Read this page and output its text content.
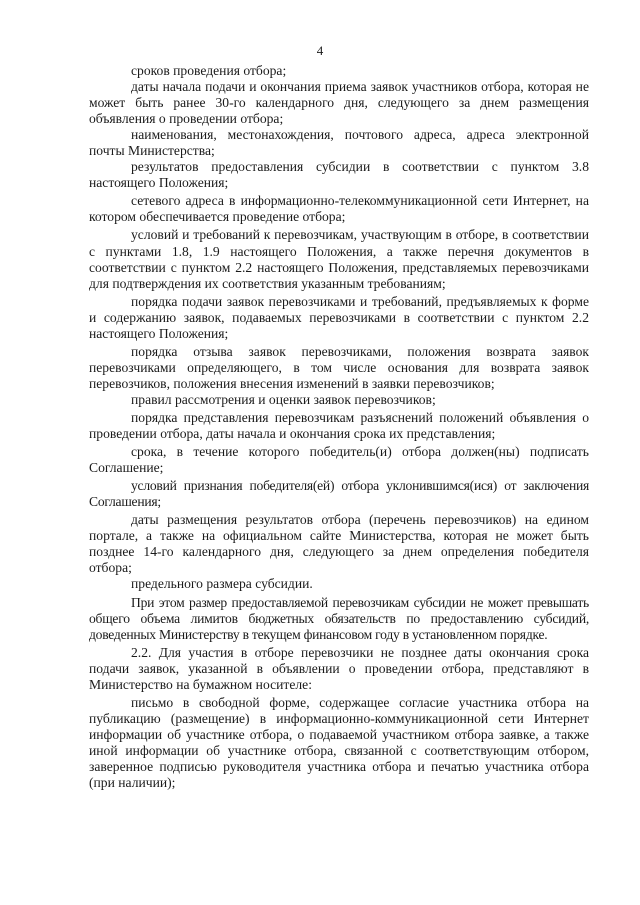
4

сроков проведения отбора;

даты начала подачи и окончания приема заявок участников отбора, которая не может быть ранее 30-го календарного дня, следующего за днем размещения объявления о проведении отбора;

наименования, местонахождения, почтового адреса, адреса электронной почты Министерства;

результатов предоставления субсидии в соответствии с пунктом 3.8 настоящего Положения;

сетевого адреса в информационно-телекоммуникационной сети Интернет, на котором обеспечивается проведение отбора;

условий и требований к перевозчикам, участвующим в отборе, в соответствии с пунктами 1.8, 1.9 настоящего Положения, а также перечня документов в соответствии с пунктом 2.2 настоящего Положения, представляемых перевозчиками для подтверждения их соответствия указанным требованиям;

порядка подачи заявок перевозчиками и требований, предъявляемых к форме и содержанию заявок, подаваемых перевозчиками в соответствии с пунктом 2.2 настоящего Положения;

порядка отзыва заявок перевозчиками, положения возврата заявок перевозчиками определяющего, в том числе основания для возврата заявок перевозчиков, положения внесения изменений в заявки перевозчиков;

правил рассмотрения и оценки заявок перевозчиков;

порядка представления перевозчикам разъяснений положений объявления о проведении отбора, даты начала и окончания срока их представления;

срока, в течение которого победитель(и) отбора должен(ны) подписать Соглашение;

условий признания победителя(ей) отбора уклонившимся(ися) от заключения Соглашения;

даты размещения результатов отбора (перечень перевозчиков) на едином портале, а также на официальном сайте Министерства, которая не может быть позднее 14-го календарного дня, следующего за днем определения победителя отбора;

предельного размера субсидии.

При этом размер предоставляемой перевозчикам субсидии не может превышать общего объема лимитов бюджетных обязательств по предоставлению субсидий, доведенных Министерству в текущем финансовом году в установленном порядке.

2.2. Для участия в отборе перевозчики не позднее даты окончания срока подачи заявок, указанной в объявлении о проведении отбора, представляют в Министерство на бумажном носителе:

письмо в свободной форме, содержащее согласие участника отбора на публикацию (размещение) в информационно-коммуникационной сети Интернет информации об участнике отбора, о подаваемой участником отбора заявке, а также иной информации об участнике отбора, связанной с соответствующим отбором, заверенное подписью руководителя участника отбора и печатью участника отбора (при наличии);
